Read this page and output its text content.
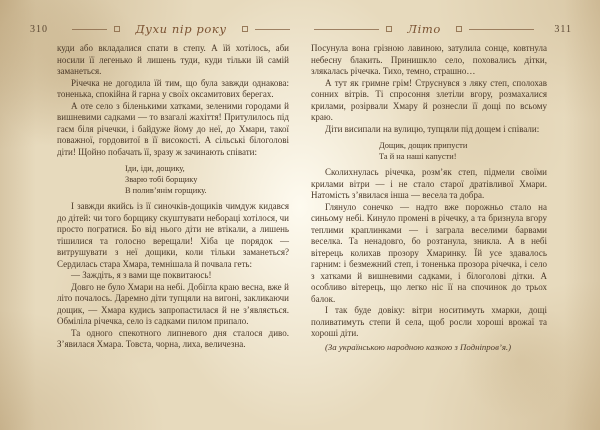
310	Духи пір року

куди або вкладалися спати в степу. А їй хотілось, аби носили її легенько й лишень туди, куди тільки їй самій заманеться.

Річечка не догодила їй тим, що була завжди однакова: тоненька, спокійна й гарна у своїх оксамитових берегах.

А оте село з біленькими хатками, зеленими городами й вишневими садками — то взагалі жахіття! Притулилось під гаєм біля річечки, і байдуже йому до неї, до Хмари, такої поважної, гордовитої в її високості. А сільські білоголові діти! Щойно побачать її, зразу ж зачинають співати:

Іди, іди, дощику,
Зварю тобі борщику
В полив’янім горщику.

І завжди якийсь із її синочків-дощиків чимдуж кидався до дітей: чи того борщику скуштувати небораці хотілося, чи просто погратися. Бо від нього діти не втікали, а лишень тішилися та голосно верещали! Хіба це порядок — витрушувати з неї дощики, коли тільки заманеться? Сердилась стара Хмара, темнішала й почвала геть:

— Заждіть, я з вами ще поквитаюсь!

Довго не було Хмари на небі. Добігла краю весна, вже й літо почалось. Даремно діти тупцяли на вигоні, закликаючи дощик, — Хмара кудись запропастилася й не з’являється. Обміліла річечка, село із садками пилом припало.

Та одного спекотного липневого дня сталося диво. З’явилася Хмара. Товста, чорна, лиха, величезна.

Літо	311

Посунула вона грізною лавиною, затулила сонце, ковтнула небесну блакить. Принишкло село, поховались дітки, злякалась річечка. Тихо, темно, страшно…

А тут як гримне грім! Струснувся з ляку степ, сполохав сонних вітрів. Ті спросоння злетіли вгору, розмахалися крилами, розірвали Хмару й рознесли її дощі по всьому краю.

Діти висипали на вулицю, тупцяли під дощем і співали:

Дощик, дощик припусти
Та й на наші капусти!

Сколихнулась річечка, розм’як степ, підмели своїми крилами вітри — і не стало старої дратівливої Хмари. Натомість з’явилася інша — весела та добра.

Глянуло сонечко — надто вже порожньо стало на синьому небі. Кинуло промені в річечку, а та бризнула вгору теплими краплинками — і заграла веселими барвами веселка. Та ненадовго, бо розтанула, зникла. А в небі вітерець колихав прозору Хмаринку. Їй усе здавалось гарним: і безмежний степ, і тоненька прозора річечка, і село з хатками й вишневими садками, і білоголові дітки. А особливо вітерець, що легко ніс її на спочинок до трьох балок.

І так буде довіку: вітри носитимуть хмарки, дощі поливатимуть степи й села, щоб росли хороші врожаї та хороші діти.

(За українською народною казкою з Подніпров’я.)
